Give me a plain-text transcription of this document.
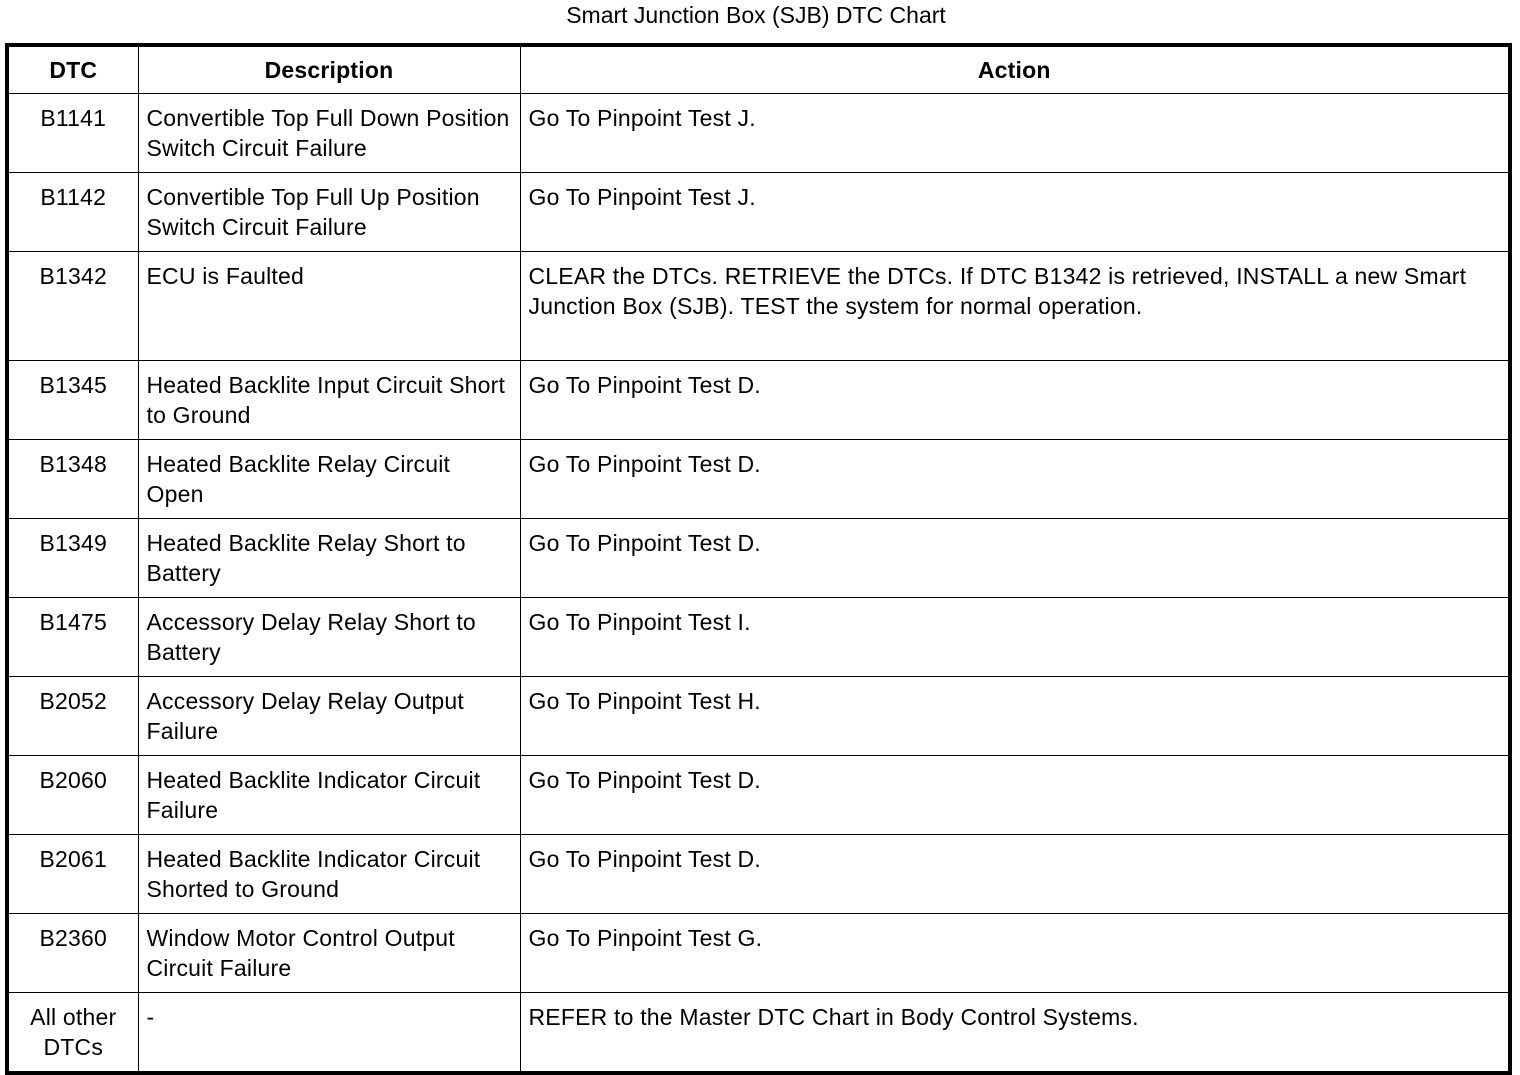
Smart Junction Box (SJB) DTC Chart
DTC	Description	Action
B1141	Convertible Top Full Down Position Switch Circuit Failure	Go To Pinpoint Test J.
B1142	Convertible Top Full Up Position Switch Circuit Failure	Go To Pinpoint Test J.
B1342	ECU is Faulted	CLEAR the DTCs. RETRIEVE the DTCs. If DTC B1342 is retrieved, INSTALL a new Smart Junction Box (SJB). TEST the system for normal operation.
B1345	Heated Backlite Input Circuit Short to Ground	Go To Pinpoint Test D.
B1348	Heated Backlite Relay Circuit Open	Go To Pinpoint Test D.
B1349	Heated Backlite Relay Short to Battery	Go To Pinpoint Test D.
B1475	Accessory Delay Relay Short to Battery	Go To Pinpoint Test I.
B2052	Accessory Delay Relay Output Failure	Go To Pinpoint Test H.
B2060	Heated Backlite Indicator Circuit Failure	Go To Pinpoint Test D.
B2061	Heated Backlite Indicator Circuit Shorted to Ground	Go To Pinpoint Test D.
B2360	Window Motor Control Output Circuit Failure	Go To Pinpoint Test G.
All other DTCs	-	REFER to the Master DTC Chart in Body Control Systems.
